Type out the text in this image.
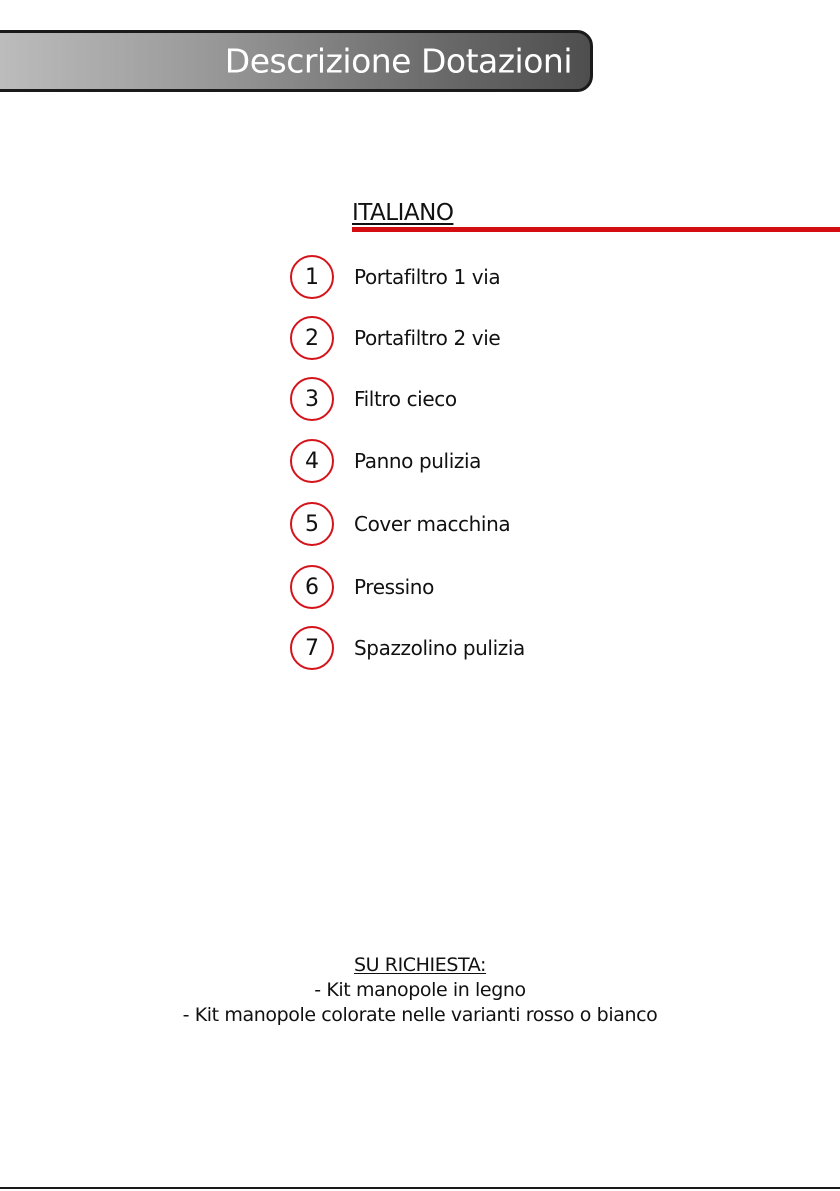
Descrizione Dotazioni
ITALIANO
1	Portafiltro 1 via
2	Portafiltro 2 vie
3	Filtro cieco
4	Panno pulizia
5	Cover macchina
6	Pressino
7	Spazzolino pulizia
SU RICHIESTA:
- Kit manopole in legno
- Kit manopole colorate nelle varianti rosso o bianco
